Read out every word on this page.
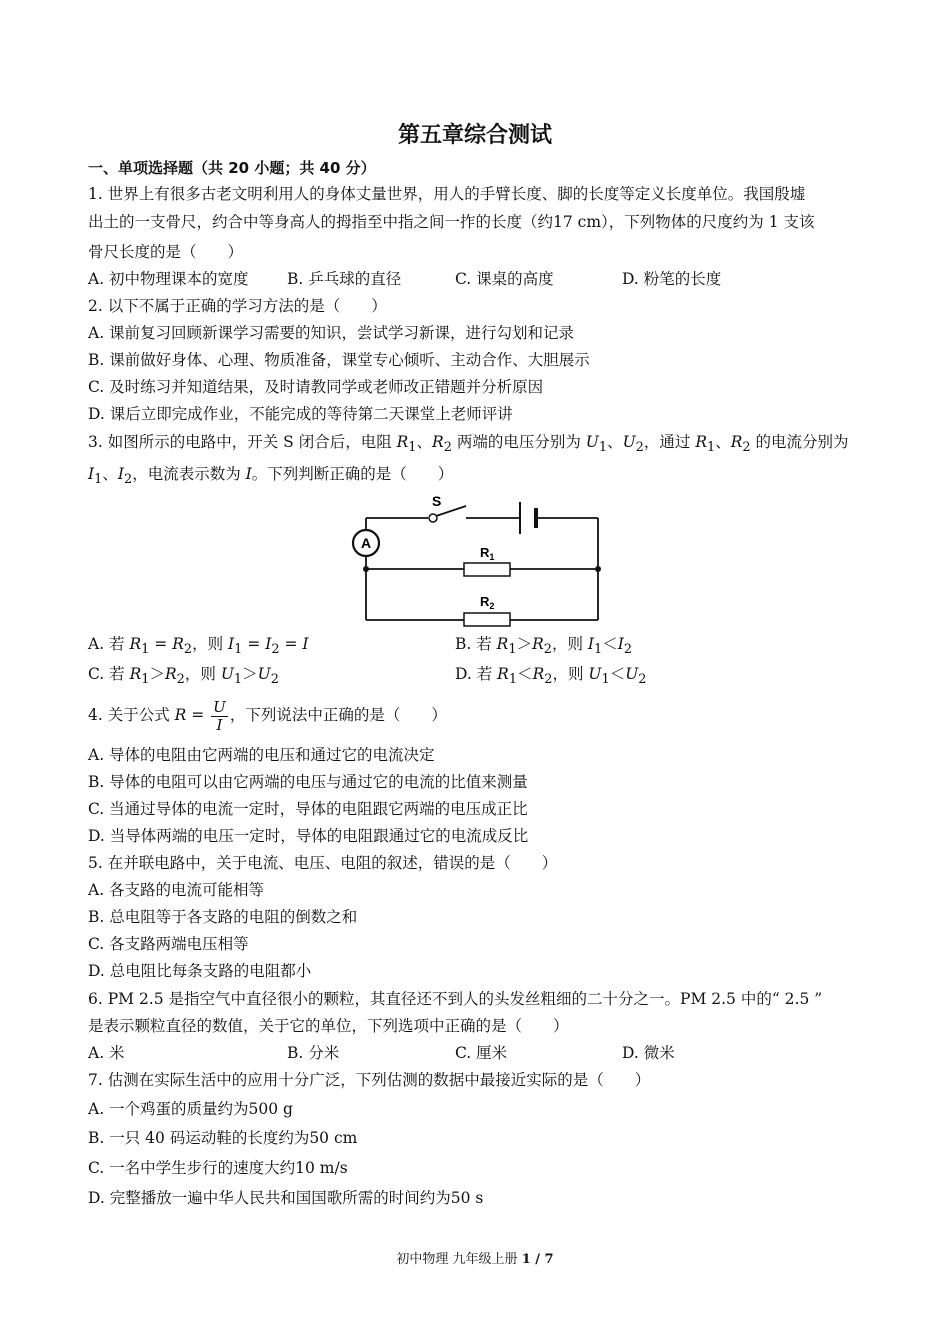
第五章综合测试
一、单项选择题（共 20 小题；共 40 分）
1. 世界上有很多古老文明利用人的身体丈量世界，用人的手臂长度、脚的长度等定义长度单位。我国殷墟
出土的一支骨尺，约合中等身高人的拇指至中指之间一拃的长度（约17 cm），下列物体的尺度约为 1 支该
骨尺长度的是（　　）
A. 初中物理课本的宽度 B. 乒乓球的直径	C. 课桌的高度	D. 粉笔的长度
2. 以下不属于正确的学习方法的是（　　）
A. 课前复习回顾新课学习需要的知识，尝试学习新课，进行勾划和记录
B. 课前做好身体、心理、物质准备，课堂专心倾听、主动合作、大胆展示
C. 及时练习并知道结果，及时请教同学或老师改正错题并分析原因
D. 课后立即完成作业，不能完成的等待第二天课堂上老师评讲
3. 如图所示的电路中，开关 S 闭合后，电阻 $R_1$、$R_2$ 两端的电压分别为 $U_1$、$U_2$，通过 $R_1$、$R_2$ 的电流分别为
$I_1$、$I_2$，电流表示数为 I。下列判断正确的是（　　）
A
S
$R_1$
$R_2$
A. 若 $R_1 = R_2$，则 $I_1 = I_2 = I$	B. 若 $R_1>R_2$，则 $I_1<I_2$
C. 若 $R_1>R_2$，则 $U_1>U_2$	D. 若 $R_1<R_2$，则 $U_1<U_2$
4. 关于公式 $R = \frac{U}{I}$ ，下列说法中正确的是（　　）
A. 导体的电阻由它两端的电压和通过它的电流决定
B. 导体的电阻可以由它两端的电压与通过它的电流的比值来测量
C. 当通过导体的电流一定时，导体的电阻跟它两端的电压成正比
D. 当导体两端的电压一定时，导体的电阻跟通过它的电流成反比
5. 在并联电路中，关于电流、电压、电阻的叙述，错误的是（　　）
A. 各支路的电流可能相等
B. 总电阻等于各支路的电阻的倒数之和
C. 各支路两端电压相等
D. 总电阻比每条支路的电阻都小
6. PM 2.5 是指空气中直径很小的颗粒，其直径还不到人的头发丝粗细的二十分之一。PM 2.5 中的“ 2.5 ”
是表示颗粒直径的数值，关于它的单位，下列选项中正确的是（　　）
A. 米	B. 分米	C. 厘米	D. 微米
7. 估测在实际生活中的应用十分广泛，下列估测的数据中最接近实际的是（　　）
A. 一个鸡蛋的质量约为500 g
B. 一只 40 码运动鞋的长度约为50 cm
C. 一名中学生步行的速度大约10 m/s
D. 完整播放一遍中华人民共和国国歌所需的时间约为50 s
初中物理 九年级上册 1 / 7
